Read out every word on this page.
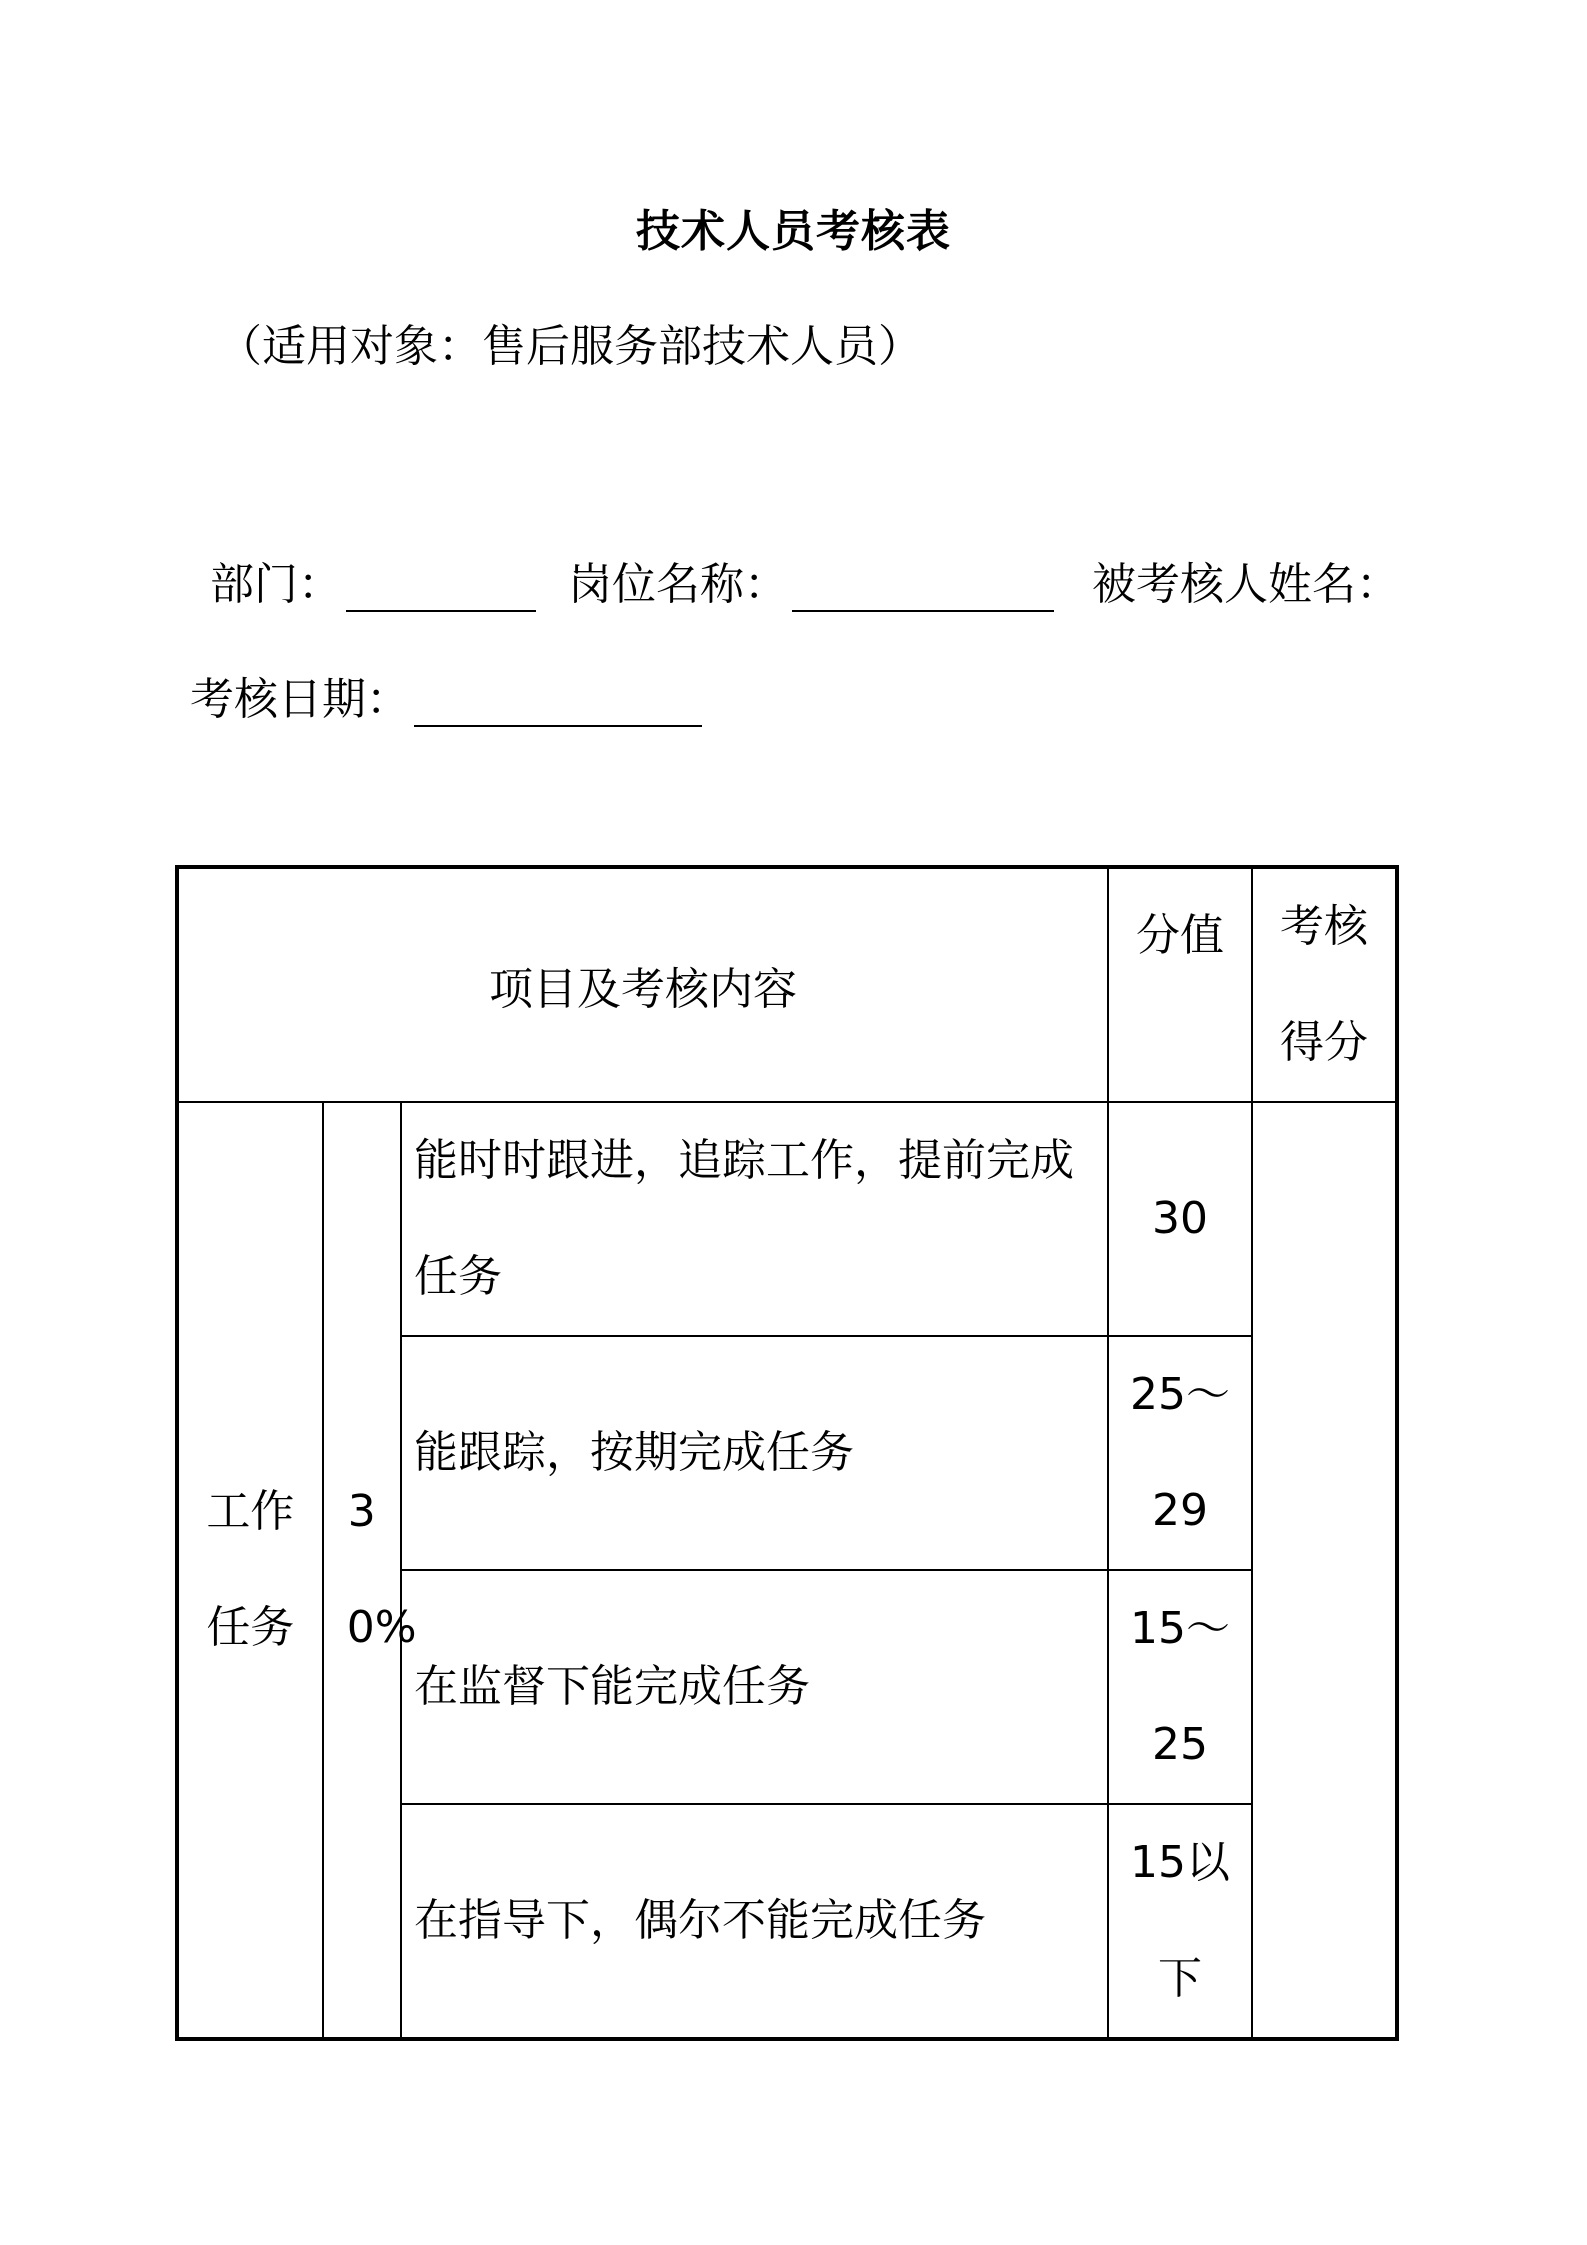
技术人员考核表
（适用对象：售后服务部技术人员）
部门：	岗位名称：	被考核人姓名：
考核日期：
项目及考核内容			分值	考核得分

工作任务	30%	能时时跟进，追踪工作，提前完成任务	30	
		能跟踪，按期完成任务	25～29	

		在监督下能完成任务	15～25	

		在指导下，偶尔不能完成任务	15以下	
